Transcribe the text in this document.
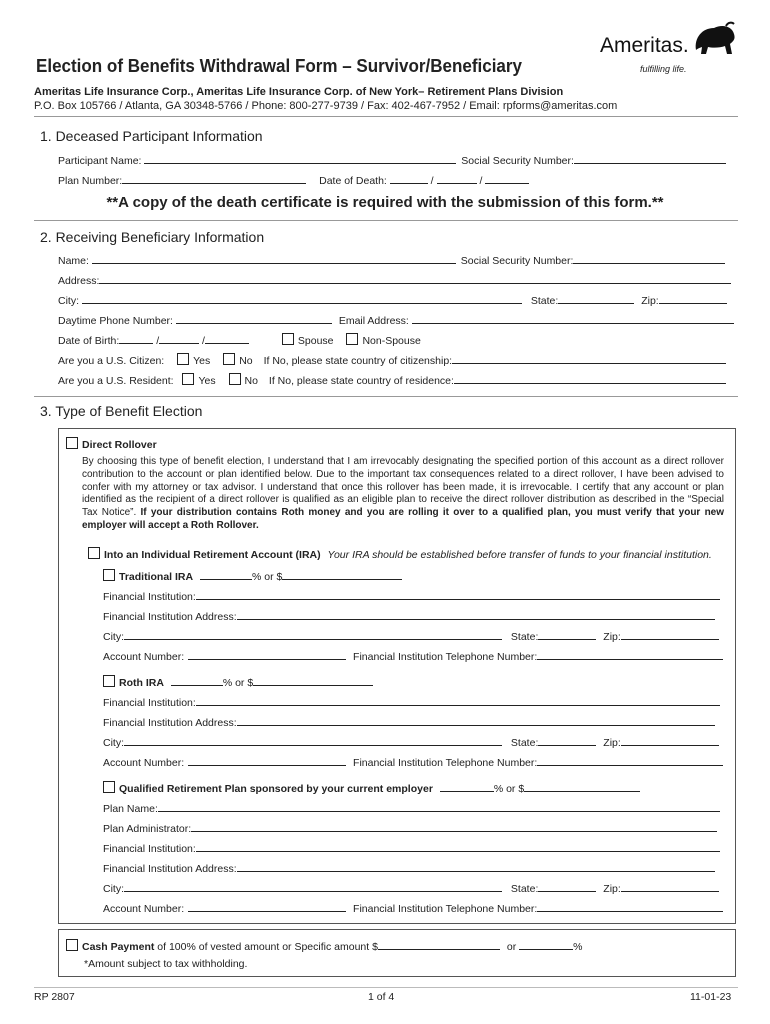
Election of Benefits Withdrawal Form – Survivor/Beneficiary
Ameritas.
fulfilling life.
Ameritas Life Insurance Corp., Ameritas Life Insurance Corp. of New York– Retirement Plans Division
P.O. Box 105766 / Atlanta, GA 30348-5766 / Phone: 800-277-9739 / Fax: 402-467-7952 / Email: rpforms@ameritas.com
1. Deceased Participant Information
Participant Name:	Social Security Number:
Plan Number:	Date of Death:	/	/
**A copy of the death certificate is required with the submission of this form.**
2. Receiving Beneficiary Information
Name:	Social Security Number:
Address:
City:	State:	Zip:
Daytime Phone Number:	Email Address:
Date of Birth:	/	/	Spouse	Non-Spouse
Are you a U.S. Citizen:	Yes	No If No, please state country of citizenship:
Are you a U.S. Resident: Yes	No If No, please state country of residence:
3. Type of Benefit Election
Direct Rollover
By choosing this type of benefit election, I understand that I am irrevocably designating the specified portion of this account as a direct rollover contribution to the account or plan identified below. Due to the important tax consequences related to a direct rollover, I have been advised to confer with my attorney or tax advisor. I understand that once this rollover has been made, it is irrevocable. I certify that any account or plan identified as the recipient of a direct rollover is qualified as an eligible plan to receive the direct rollover distribution as described in the “Special Tax Notice”. If your distribution contains Roth money and you are rolling it over to a qualified plan, you must verify that your new employer will accept a Roth Rollover.
Into an Individual Retirement Account (IRA) Your IRA should be established before transfer of funds to your financial institution.
Traditional IRA	% or $
Financial Institution:
Financial Institution Address:
City:	State:	Zip:
Account Number:	Financial Institution Telephone Number:
Roth IRA	% or $
Financial Institution:
Financial Institution Address:
City:	State:	Zip:
Account Number:	Financial Institution Telephone Number:
Qualified Retirement Plan sponsored by your current employer	% or $
Plan Name:
Plan Administrator:
Financial Institution:
Financial Institution Address:
City:	State:	Zip:
Account Number:	Financial Institution Telephone Number:
Cash Payment of 100% of vested amount or Specific amount $	or	%
*Amount subject to tax withholding.
RP 2807	1 of 4	11-01-23
